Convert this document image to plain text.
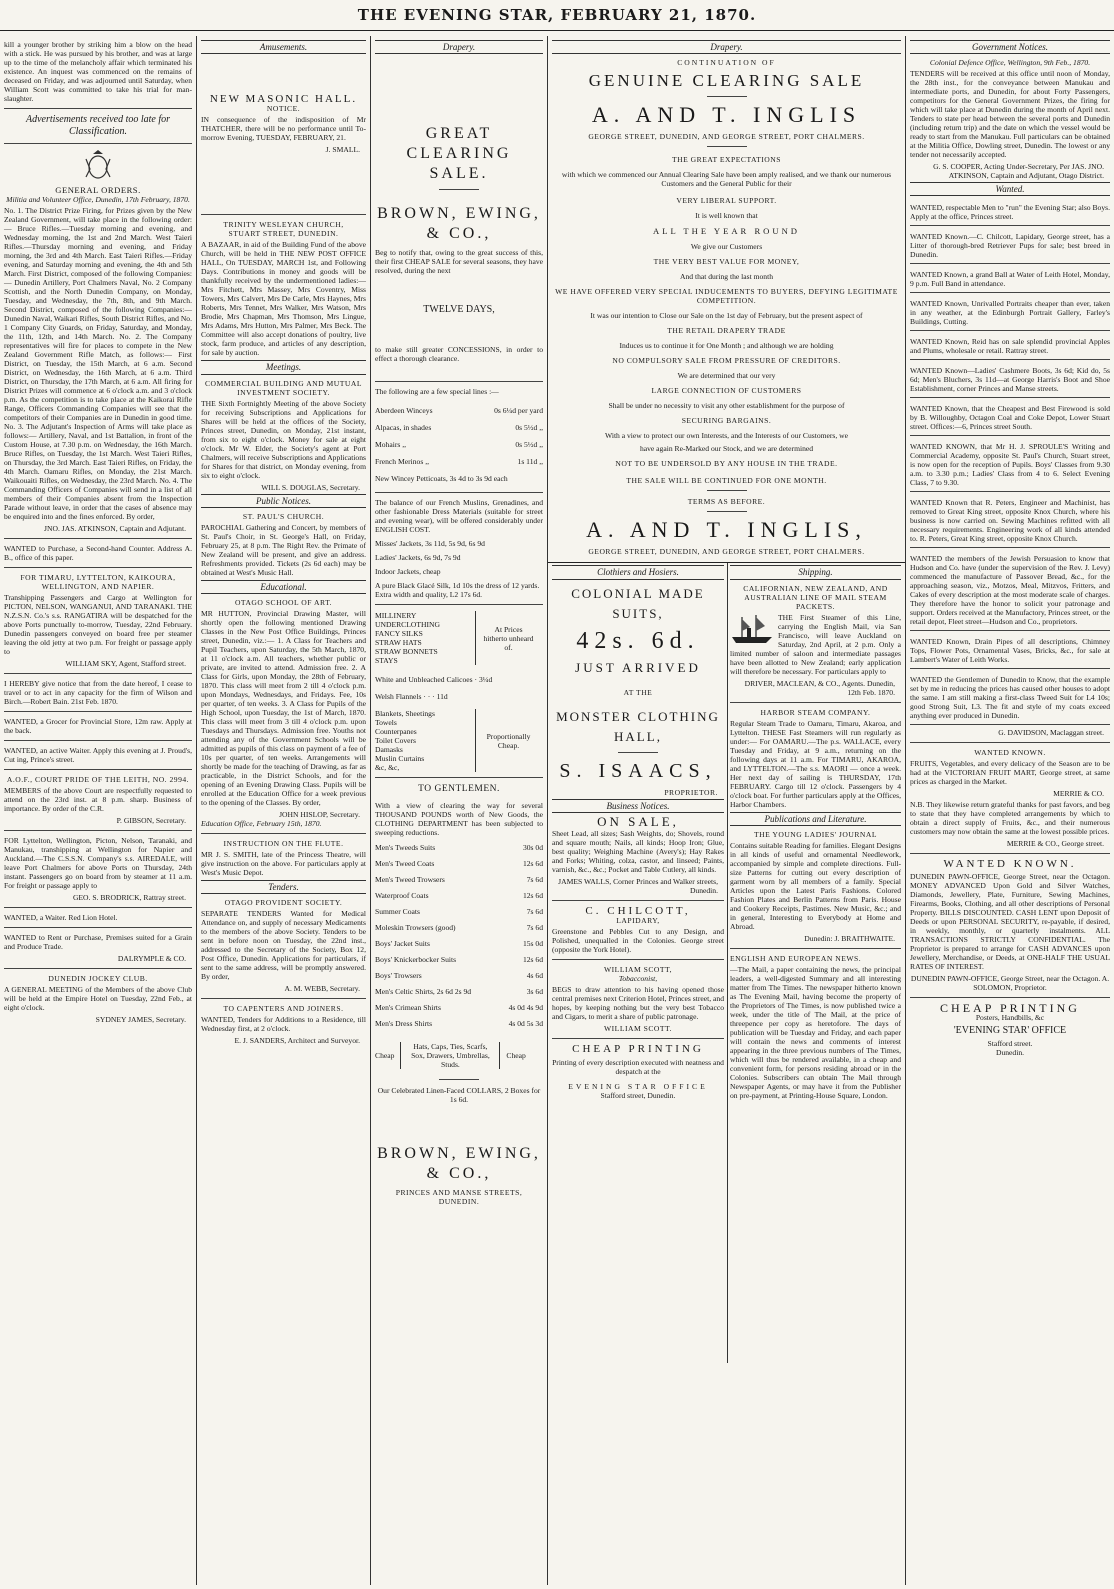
THE EVENING STAR, FEBRUARY 21, 1870.
kill a younger brother by striking him a blow on the head with a stick. He was pursued by his brother, and was at large up to the time of the melancholy affair which terminated his existence. An inquest was commenced on the remains of deceased on Friday, and was adjourned until Saturday, when William Scott was committed to take his trial for man-slaughter.
Advertisements received too late for Classification.
GENERAL ORDERS.
Militia and Volunteer Office, Dunedin, 17th February, 1870.
No. 1. The District Prize Firing, for Prizes given by the New Zealand Government, will take place in the following order:— Bruce Rifles.—Tuesday morning and evening, and Wednesday morning, the 1st and 2nd March. West Taieri Rifles.—Thursday morning and evening, and Friday morning, the 3rd and 4th March. East Taieri Rifles.—Friday evening, and Saturday morning and evening, the 4th and 5th March. First District, composed of the following Companies:— Dunedin Artillery, Port Chalmers Naval, No. 2 Company Scottish, and the North Dunedin Company, on Monday, Tuesday, and Wednesday, the 7th, 8th, and 9th March. Second District, composed of the following Companies:— Dunedin Naval, Waikari Rifles, South District Rifles, and No. 1 Company City Guards, on Friday, Saturday, and Monday, the 11th, 12th, and 14th March. No. 2. The Company representatives will fire for places to compete in the New Zealand Government Rifle Match, as follows:— First District, on Tuesday, the 15th March, at 6 a.m. Second District, on Wednesday, the 16th March, at 6 a.m. Third District, on Thursday, the 17th March, at 6 a.m. All firing for District Prizes will commence at 6 o'clock a.m. and 3 o'clock p.m. As the competition is to take place at the Kaikorai Rifle Range, Officers Commanding Companies will see that the competitors of their Companies are in Dunedin in good time. No. 3. The Adjutant's Inspection of Arms will take place as follows:— Artillery, Naval, and 1st Battalion, in front of the Custom House, at 7.30 p.m. on Wednesday, the 16th March. Bruce Rifles, on Tuesday, the 1st March. West Taieri Rifles, on Thursday, the 3rd March. East Taieri Rifles, on Friday, the 4th March. Oamaru Rifles, on Monday, the 21st March. Waikouaiti Rifles, on Wednesday, the 23rd March. No. 4. The Commanding Officers of Companies will send in a list of all members of their Companies absent from the Inspection Parade without leave, in order that the cases of absence may be enquired into and the fines enforced. By order,
JNO. JAS. ATKINSON, Captain and Adjutant.
WANTED to Purchase, a Second-hand Counter. Address A. B., office of this paper.
FOR TIMARU, LYTTELTON, KAIKOURA, WELLINGTON, AND NAPIER.
Transhipping Passengers and Cargo at Wellington for PICTON, NELSON, WANGANUI, AND TARANAKI. THE N.Z.S.N. Co.'s s.s. RANGATIRA will be despatched for the above Ports punctually to-morrow, Tuesday, 22nd February. Dunedin passengers conveyed on board free per steamer leaving the old jetty at two p.m. For freight or passage apply to
WILLIAM SKY, Agent, Stafford street.
I HEREBY give notice that from the date hereof, I cease to travel or to act in any capacity for the firm of Wilson and Birch.—Robert Bain. 21st Feb. 1870.
WANTED, a Grocer for Provincial Store, 12m raw. Apply at the back.
WANTED, an active Waiter. Apply this evening at J. Proud's, Cut ing, Prince's street.
A.O.F., COURT PRIDE OF THE LEITH, NO. 2994.
MEMBERS of the above Court are respectfully requested to attend on the 23rd inst. at 8 p.m. sharp. Business of importance. By order of the C.R.
P. GIBSON, Secretary.
FOR Lyttelton, Wellington, Picton, Nelson, Taranaki, and Manukau, transhipping at Wellington for Napier and Auckland.—The C.S.S.N. Company's s.s. AIREDALE, will leave Port Chalmers for above Ports on Thursday, 24th instant. Passengers go on board from by steamer at 11 a.m. For freight or passage apply to
GEO. S. BRODRICK, Rattray street.
WANTED, a Waiter. Red Lion Hotel.
WANTED to Rent or Purchase, Premises suited for a Grain and Produce Trade.
DALRYMPLE & CO.
DUNEDIN JOCKEY CLUB.
A GENERAL MEETING of the Members of the above Club will be held at the Empire Hotel on Tuesday, 22nd Feb., at eight o'clock.
SYDNEY JAMES, Secretary.
Amusements.
NEW MASONIC HALL.
NOTICE.
IN consequence of the indisposition of Mr THATCHER, there will be no performance until To-morrow Evening, TUESDAY, FEBRUARY, 21.
J. SMALL.
TRINITY WESLEYAN CHURCH,
STUART STREET, DUNEDIN.
A BAZAAR, in aid of the Building Fund of the above Church, will be held in THE NEW POST OFFICE HALL, On TUESDAY, MARCH 1st, and Following Days. Contributions in money and goods will be thankfully received by the undermentioned ladies:—Mrs Fitchett, Mrs Massey, Mrs Coventry, Miss Towers, Mrs Calvert, Mrs De Carle, Mrs Haynes, Mrs Roberts, Mrs Tennet, Mrs Walker, Mrs Watson, Mrs Brodie, Mrs Chapman, Mrs Thomson, Mrs Lingue, Mrs Adams, Mrs Hutton, Mrs Palmer, Mrs Beck. The Committee will also accept donations of poultry, live stock, farm produce, and articles of any description, for sale by auction.
Meetings.
COMMERCIAL BUILDING AND MUTUAL INVESTMENT SOCIETY.
THE Sixth Fortnightly Meeting of the above Society for receiving Subscriptions and Applications for Shares will be held at the offices of the Society, Princes street, Dunedin, on Monday, 21st instant, from six to eight o'clock. Money for sale at eight o'clock. Mr W. Elder, the Society's agent at Port Chalmers, will receive Subscriptions and Applications for Shares for that district, on Monday evening, from six to eight o'clock.
WILL S. DOUGLAS, Secretary.
Public Notices.
ST. PAUL'S CHURCH.
PAROCHIAL Gathering and Concert, by members of St. Paul's Choir, in St. George's Hall, on Friday, February 25, at 8 p.m. The Right Rev. the Primate of New Zealand will be present, and give an address. Refreshments provided. Tickets (2s 6d each) may be obtained at West's Music Hall.
Educational.
OTAGO SCHOOL OF ART.
MR HUTTON, Provincial Drawing Master, will shortly open the following mentioned Drawing Classes in the New Post Office Buildings, Princes street, Dunedin, viz.:— 1. A Class for Teachers and Pupil Teachers, upon Saturday, the 5th March, 1870, at 11 o'clock a.m. All teachers, whether public or private, are invited to attend. Admission free. 2. A Class for Girls, upon Monday, the 28th of February, 1870. This class will meet from 2 till 4 o'clock p.m. upon Mondays, Wednesdays, and Fridays. Fee, 10s per quarter, of ten weeks. 3. A Class for Pupils of the High School, upon Tuesday, the 1st of March, 1870. This class will meet from 3 till 4 o'clock p.m. upon Tuesdays and Thursdays. Admission free. Youths not attending any of the Government Schools will be admitted as pupils of this class on payment of a fee of 10s per quarter, of ten weeks. Arrangements will shortly be made for the teaching of Drawing, as far as practicable, in the District Schools, and for the opening of an Evening Drawing Class. Pupils will be enrolled at the Education Office for a week previous to the opening of the Classes. By order,
JOHN HISLOP, Secretary.
Education Office, February 15th, 1870.
INSTRUCTION ON THE FLUTE.
MR J. S. SMITH, late of the Princess Theatre, will give instruction on the above. For particulars apply at West's Music Depot.
Tenders.
OTAGO PROVIDENT SOCIETY.
SEPARATE TENDERS Wanted for Medical Attendance on, and supply of necessary Medicaments to the members of the above Society. Tenders to be sent in before noon on Tuesday, the 22nd inst., addressed to the Secretary of the Society, Box 12, Post Office, Dunedin. Applications for particulars, if sent to the same address, will be promptly answered. By order,
A. M. WEBB, Secretary.
TO CAPENTERS AND JOINERS.
WANTED, Tenders for Additions to a Residence, till Wednesday first, at 2 o'clock.
E. J. SANDERS, Architect and Surveyor.
Drapery.
GREAT CLEARING SALE.
BROWN, EWING, & CO.,
Beg to notify that, owing to the great success of this, their first CHEAP SALE for several seasons, they have resolved, during the next
TWELVE DAYS,
to make still greater CONCESSIONS, in order to effect a thorough clearance.
The following are a few special lines :—
Aberdeen Winceys	0s 6¼d per yard
Alpacas, in shades	0s 5½d ,,
Mohairs ,,	0s 5½d ,,
French Merinos ,,	1s 11d ,,
New Wincey Petticoats, 3s 4d to 3s 9d each
The balance of our French Muslins, Grenadines, and other fashionable Dress Materials (suitable for street and evening wear), will be offered considerably under ENGLISH COST.
Misses' Jackets, 3s 11d, 5s 9d, 6s 9d
Ladies' Jackets, 6s 9d, 7s 9d
Indoor Jackets, cheap
A pure Black Glacé Silk, 1d 10s the dress of 12 yards. Extra width and quality, L2 17s 6d.
MILLINERY
UNDERCLOTHING
FANCY SILKS
STRAW HATS
STRAW BONNETS
STAYS
At Prices hitherto unheard of.
White and Unbleached Calicoes · 3¼d
Welsh Flannels · · · 11d
Blankets, Sheetings
Towels
Counterpanes
Toilet Covers
Damasks
Muslin Curtains
&c, &c,
Proportionally Cheap.
TO GENTLEMEN.
With a view of clearing the way for several THOUSAND POUNDS worth of New Goods, the CLOTHING DEPARTMENT has been subjected to sweeping reductions.
Men's Tweeds Suits	30s 0d
Men's Tweed Coats	12s 6d
Men's Tweed Trowsers	7s 6d
Waterproof Coats	12s 6d
Summer Coats	7s 6d
Moleskin Trowsers (good)	7s 6d
Boys' Jacket Suits	15s 0d
Boys' Knickerbocker Suits	12s 6d
Boys' Trowsers	4s 6d
Men's Celtic Shirts, 2s 6d 2s 9d	3s 6d
Men's Crimean Shirts	4s 0d 4s 9d
Men's Dress Shirts	4s 0d 5s 3d
Cheap
Hats, Caps, Ties, Scarfs, Sox, Drawers, Umbrellas, Studs.
Cheap
Our Celebrated Linen-Faced COLLARS, 2 Boxes for 1s 6d.
BROWN, EWING, & CO.,
PRINCES AND MANSE STREETS, DUNEDIN.
Drapery.
CONTINUATION OF
GENUINE CLEARING SALE
A. AND T. INGLIS
GEORGE STREET, DUNEDIN, AND GEORGE STREET, PORT CHALMERS.
THE GREAT EXPECTATIONS
with which we commenced our Annual Clearing Sale have been amply realised, and we thank our numerous Customers and the General Public for their
VERY LIBERAL SUPPORT.
It is well known that
ALL THE YEAR ROUND
We give our Customers
THE VERY BEST VALUE FOR MONEY,
And that during the last month
WE HAVE OFFERED VERY SPECIAL INDUCEMENTS TO BUYERS, DEFYING LEGITIMATE COMPETITION.
It was our intention to Close our Sale on the 1st day of February, but the present aspect of
THE RETAIL DRAPERY TRADE
Induces us to continue it for One Month ; and although we are holding
NO COMPULSORY SALE FROM PRESSURE OF CREDITORS.
We are determined that our very
LARGE CONNECTION OF CUSTOMERS
Shall be under no necessity to visit any other establishment for the purpose of
SECURING BARGAINS.
With a view to protect our own Interests, and the Interests of our Customers, we
have again Re-Marked our Stock, and we are determined
NOT TO BE UNDERSOLD BY ANY HOUSE IN THE TRADE.
THE SALE WILL BE CONTINUED FOR ONE MONTH.
TERMS AS BEFORE.
A. AND T. INGLIS,
GEORGE STREET, DUNEDIN, AND GEORGE STREET, PORT CHALMERS.
Clothiers and Hosiers.
COLONIAL MADE SUITS,
42s. 6d.
JUST ARRIVED
AT THE
MONSTER CLOTHING HALL,
S. ISAACS,
PROPRIETOR.
Business Notices.
ON SALE,
Sheet Lead, all sizes; Sash Weights, do; Shovels, round and square mouth; Nails, all kinds; Hoop Iron; Glue, best quality; Weighing Machine (Avery's); Hay Rakes and Forks; Whiting, colza, castor, and linseed; Paints, varnish, &c., &c.; Pocket and Table Cutlery, all kinds.
JAMES WALLS, Corner Princes and Walker streets, Dunedin.
C. CHILCOTT,
LAPIDARY,
Greenstone and Pebbles Cut to any Design, and Polished, unequalled in the Colonies. George street (opposite the York Hotel).
WILLIAM SCOTT,
Tobacconist,
BEGS to draw attention to his having opened those central premises next Criterion Hotel, Princes street, and hopes, by keeping nothing but the very best Tobacco and Cigars, to merit a share of public patronage.
WILLIAM SCOTT.
CHEAP PRINTING
Printing of every description executed with neatness and despatch at the
EVENING STAR OFFICE
Stafford street, Dunedin.
Shipping.
CALIFORNIAN, NEW ZEALAND, AND AUSTRALIAN LINE OF MAIL STEAM PACKETS.
THE First Steamer of this Line, carrying the English Mail, via San Francisco, will leave Auckland on Saturday, 2nd April, at 2 p.m. Only a limited number of saloon and intermediate passages have been allotted to New Zealand; early application will therefore be necessary. For particulars apply to
DRIVER, MACLEAN, & CO., Agents. Dunedin, 12th Feb. 1870.
HARBOR STEAM COMPANY.
Regular Steam Trade to Oamaru, Timaru, Akaroa, and Lyttelton. THESE Fast Steamers will run regularly as under:— For OAMARU.—The p.s. WALLACE, every Tuesday and Friday, at 9 a.m., returning on the following days at 11 a.m. For TIMARU, AKAROA, and LYTTELTON.—The s.s. MAORI — once a week. Her next day of sailing is THURSDAY, 17th FEBRUARY. Cargo till 12 o'clock. Passengers by 4 o'clock boat. For further particulars apply at the Offices, Harbor Chambers.
Publications and Literature.
THE YOUNG LADIES' JOURNAL
Contains suitable Reading for families. Elegant Designs in all kinds of useful and ornamental Needlework, accompanied by simple and complete directions. Full-size Patterns for cutting out every description of garment worn by all members of a family. Special Articles upon the Latest Paris Fashions. Colored Fashion Plates and Berlin Patterns from Paris. House and Cookery Receipts, Pastimes. New Music, &c.; and in general, Interesting to Everybody at Home and Abroad.
Dunedin: J. BRAITHWAITE.
ENGLISH AND EUROPEAN NEWS.
—The Mail, a paper containing the news, the principal leaders, a well-digested Summary and all interesting matter from The Times. The newspaper hitherto known as The Evening Mail, having become the property of the Proprietors of The Times, is now published twice a week, under the title of The Mail, at the price of threepence per copy as heretofore. The days of publication will be Tuesday and Friday, and each paper will contain the news and comments of interest appearing in the three previous numbers of The Times, which will thus be rendered available, in a cheap and convenient form, for persons residing abroad or in the Colonies. Subscribers can obtain The Mail through Newspaper Agents, or may have it from the Publisher on pre-payment, at Printing-House Square, London.
Government Notices.
Colonial Defence Office, Wellington, 9th Feb., 1870.
TENDERS will be received at this office until noon of Monday, the 28th inst., for the conveyance between Manukau and intermediate ports, and Dunedin, for about Forty Passengers, competitors for the General Government Prizes, the firing for which will take place at Dunedin during the month of April next. Tenders to state per head between the several ports and Dunedin (including return trip) and the date on which the vessel would be ready to start from the Manukau. Full particulars can be obtained at the Militia Office, Dowling street, Dunedin. The lowest or any tender not necessarily accepted.
G. S. COOPER, Acting Under-Secretary, Per JAS. JNO. ATKINSON, Captain and Adjutant, Otago District.
Wanted.
WANTED, respectable Men to "run" the Evening Star; also Boys. Apply at the office, Princes street.
WANTED Known.—C. Chilcott, Lapidary, George street, has a Litter of thorough-bred Retriever Pups for sale; best breed in Dunedin.
WANTED Known, a grand Ball at Water of Leith Hotel, Monday, 9 p.m. Full Band in attendance.
WANTED Known, Unrivalled Portraits cheaper than ever, taken in any weather, at the Edinburgh Portrait Gallery, Farley's Buildings, Cutting.
WANTED Known, Reid has on sale splendid provincial Apples and Plums, wholesale or retail. Rattray street.
WANTED Known—Ladies' Cashmere Boots, 3s 6d; Kid do, 5s 6d; Men's Bluchers, 3s 11d—at George Harris's Boot and Shoe Establishment, corner Princes and Manse streets.
WANTED Known, that the Cheapest and Best Firewood is sold by B. Willoughby, Octagon Coal and Coke Depot, Lower Stuart street. Offices:—6, Princes street South.
WANTED KNOWN, that Mr H. J. SPROULE'S Writing and Commercial Academy, opposite St. Paul's Church, Stuart street, is now open for the reception of Pupils. Boys' Classes from 9.30 a.m. to 3.30 p.m.; Ladies' Class from 4 to 6. Select Evening Class, 7 to 9.30.
WANTED Known that R. Peters, Engineer and Machinist, has removed to Great King street, opposite Knox Church, where his business is now carried on. Sewing Machines refitted with all necessary requirements. Engineering work of all kinds attended to. R. Peters, Great King street, opposite Knox Church.
WANTED the members of the Jewish Persuasion to know that Hudson and Co. have (under the supervision of the Rev. J. Levy) commenced the manufacture of Passover Bread, &c., for the approaching season, viz., Motzos, Meal, Mitzvos, Fritters, and Cakes of every description at the most moderate scale of charges. They therefore have the honor to solicit your patronage and support. Orders received at the Manufactory, Princes street, or the retail depot, Fleet street—Hudson and Co., proprietors.
WANTED Known, Drain Pipes of all descriptions, Chimney Tops, Flower Pots, Ornamental Vases, Bricks, &c., for sale at Lambert's Water of Leith Works.
WANTED the Gentlemen of Dunedin to Know, that the example set by me in reducing the prices has caused other houses to adopt the same. I am still making a first-class Tweed Suit for L4 10s; good Strong Suit, L3. The fit and style of my coats exceed anything ever produced in Dunedin.
G. DAVIDSON, Maclaggan street.
WANTED KNOWN.
FRUITS, Vegetables, and every delicacy of the Season are to be had at the VICTORIAN FRUIT MART, George street, at same prices as charged in the Market.
MERRIE & CO.
N.B. They likewise return grateful thanks for past favors, and beg to state that they have completed arrangements by which to obtain a direct supply of Fruits, &c., and their numerous customers may now obtain the same at the lowest possible prices.
MERRIE & CO., George street.
WANTED KNOWN.
DUNEDIN PAWN-OFFICE, George Street, near the Octagon. MONEY ADVANCED Upon Gold and Silver Watches, Diamonds, Jewellery, Plate, Furniture, Sewing Machines, Firearms, Books, Clothing, and all other descriptions of Personal Property. BILLS DISCOUNTED. CASH LENT upon Deposit of Deeds or upon PERSONAL SECURITY, re-payable, if desired, in weekly, monthly, or quarterly instalments. ALL TRANSACTIONS STRICTLY CONFIDENTIAL. The Proprietor is prepared to arrange for CASH ADVANCES upon Jewellery, Merchandise, or Deeds, at ONE-HALF THE USUAL RATES OF INTEREST.
DUNEDIN PAWN-OFFICE, George Street, near the Octagon. A. SOLOMON, Proprietor.
CHEAP PRINTING
Posters, Handbills, &c
'EVENING STAR' OFFICE
Stafford street.
Dunedin.
